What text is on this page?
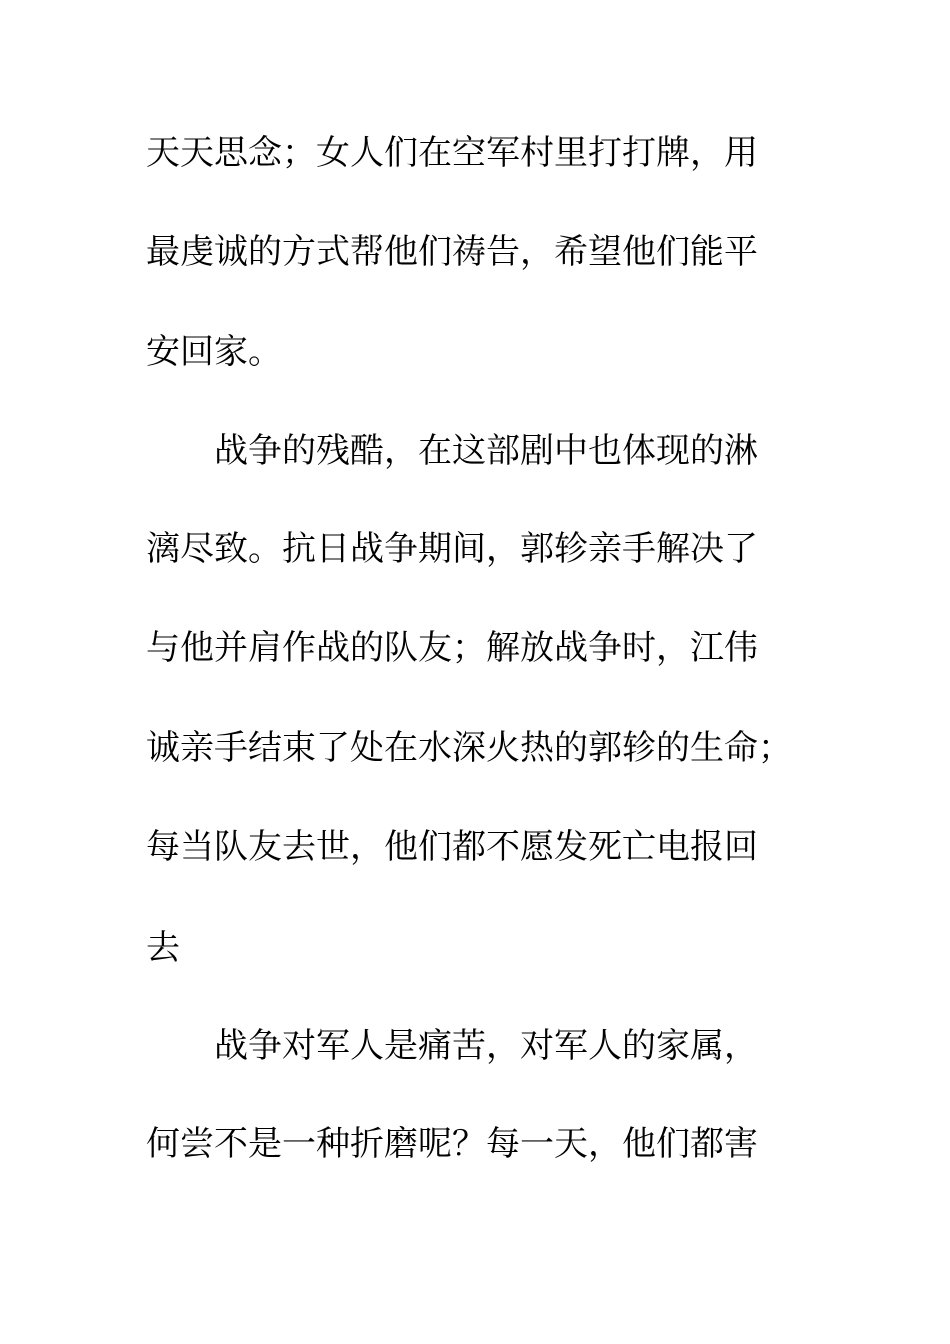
天天思念；女人们在空军村里打打牌，用
最虔诚的方式帮他们祷告，希望他们能平
安回家。
战争的残酷，在这部剧中也体现的淋
漓尽致。抗日战争期间，郭轸亲手解决了
与他并肩作战的队友；解放战争时，江伟
诚亲手结束了处在水深火热的郭轸的生命；
每当队友去世，他们都不愿发死亡电报回
去
战争对军人是痛苦，对军人的家属，
何尝不是一种折磨呢？每一天，他们都害
